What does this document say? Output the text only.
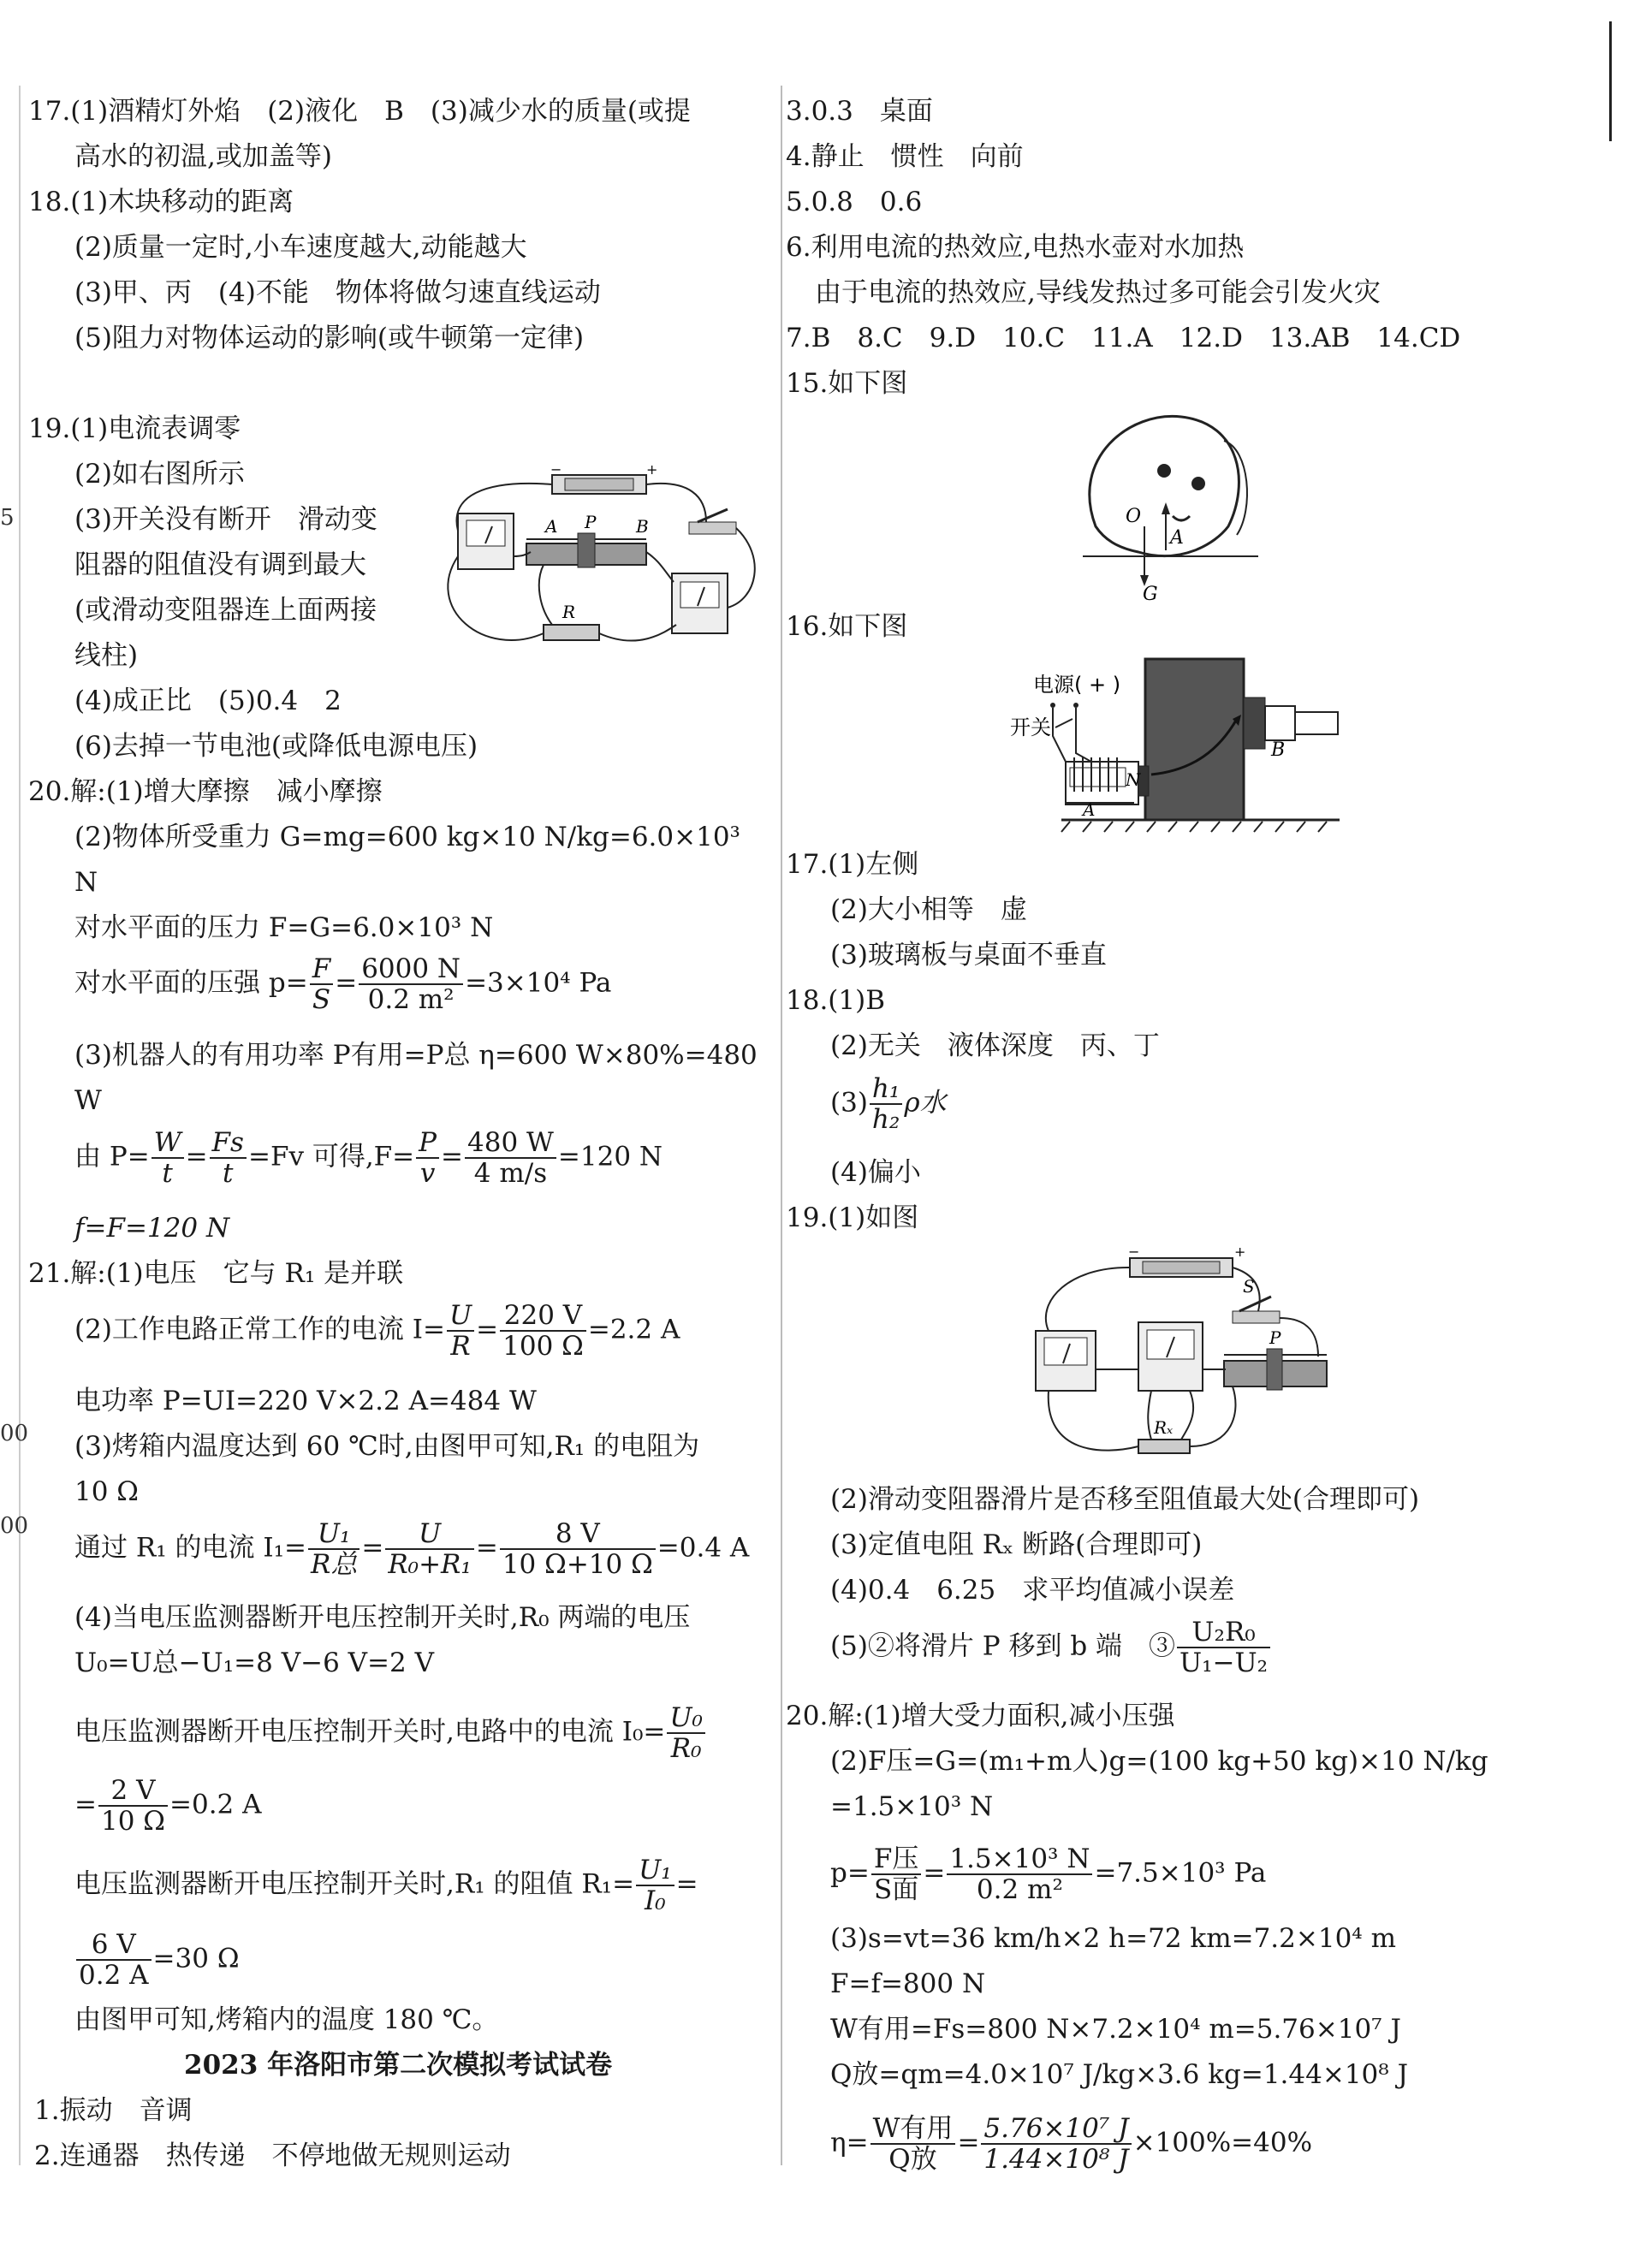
5
00
00
17.(1)酒精灯外焰　(2)液化　B　(3)减少水的质量(或提
高水的初温,或加盖等)
18.(1)木块移动的距离
(2)质量一定时,小车速度越大,动能越大
(3)甲、丙　(4)不能　物体将做匀速直线运动
(5)阻力对物体运动的影响(或牛顿第一定律)
19.(1)电流表调零
(2)如右图所示
(3)开关没有断开　滑动变
阻器的阻值没有调到最大
(或滑动变阻器连上面两接
线柱)
(4)成正比　(5)0.4　2
(6)去掉一节电池(或降低电源电压)
−	+
A P B
R
20.解:(1)增大摩擦　减小摩擦
(2)物体所受重力 G=mg=600 kg×10 N/kg=6.0×10³
N
对水平面的压力 F=G=6.0×10³ N
对水平面的压强 $p= \frac{F}{S} = \frac{6000 N}{\text{0.2 m²}} =3\times 10^4$ Pa
(3)机器人的有用功率 P有用=P总 η=600 W×80%=480
W
由 $P= \frac{W}{t} = \frac{Fs}{t} =Fv$ 可得$,F= \frac{P}{v} = \frac{480 W}{4 m/s} =120$ N
f=F=120 N
21.解:(1)电压　它与 R₁ 是并联
(2)工作电路正常工作的电流 $I= \frac{U}{R} = \frac{220 V}{100 \Omega} =2.2$ A
电功率 P=UI=220 V×2.2 A=484 W
(3)烤箱内温度达到 60 ℃时,由图甲可知,R₁ 的电阻为
10 Ω
通过 R₁ 的电流 $I_1= \frac{\text{U₁}}{\text{R总}} = \frac{U}{\text{R₀+R₁}} = \frac{8 V}{10 \Omega+10 \Omega} =0.4$ A
(4)当电压监测器断开电压控制开关时,R₀ 两端的电压
U₀=U总−U₁=8 V−6 V=2 V
电压监测器断开电压控制开关时,电路中的电流 $I_0= \frac{\text{U₀}}{\text{R₀}}$
= $\frac{2 V}{10 \Omega} =0.2$ A
电压监测器断开电压控制开关时,R₁ 的阻值 $R_1= \frac{\text{U₁}}{\text{I₀}}$ =
$\frac{6 V}{0.2 A} =30$ Ω
由图甲可知,烤箱内的温度 180 ℃。
2023 年洛阳市第二次模拟考试试卷
1.振动　音调
2.连通器　热传递　不停地做无规则运动
3.0.3　桌面
4.静止　惯性　向前
5.0.8　0.6
6.利用电流的热效应,电热水壶对水加热
由于电流的热效应,导线发热过多可能会引发火灾
7.B　8.C　9.D　10.C　11.A　12.D　13.AB　14.CD
15.如下图
O
A
G
16.如下图
N
A
B
电源( + )
开关
17.(1)左侧
(2)大小相等　虚
(3)玻璃板与桌面不垂直
18.(1)B
(2)无关　液体深度　丙、丁
$(3) \frac{\text{h₁}}{\text{h₂}}$ ρ水
(4)偏小
19.(1)如图
−	+
S
P
Rₓ
(2)滑动变阻器滑片是否移至阻值最大处(合理即可)
(3)定值电阻 Rₓ 断路(合理即可)
(4)0.4　6.25　求平均值减小误差
(5)②将滑片 P 移到 b 端　③ $\frac{\text{U₂R₀}}{\text{U₁−U₂}}$
20.解:(1)增大受力面积,减小压强
(2)F压=G=(m₁+m人)g=(100 kg+50 kg)×10 N/kg
=1.5×10³ N
$p= \frac{\text{F压}}{\text{S面}} = \frac{\text{1.5×10³ N}}{\text{0.2 m²}} =7.5\times 10^3$ Pa
(3)s=vt=36 km/h×2 h=72 km=7.2×10⁴ m
F=f=800 N
W有用=Fs=800 N×7.2×10⁴ m=5.76×10⁷ J
Q放=qm=4.0×10⁷ J/kg×3.6 kg=1.44×10⁸ J
$\eta= \frac{\text{W有用}}{\text{Q放}} = \frac{\text{5.76×10⁷ J}}{\text{1.44×10⁸ J}} \times 100\%=40\%$
